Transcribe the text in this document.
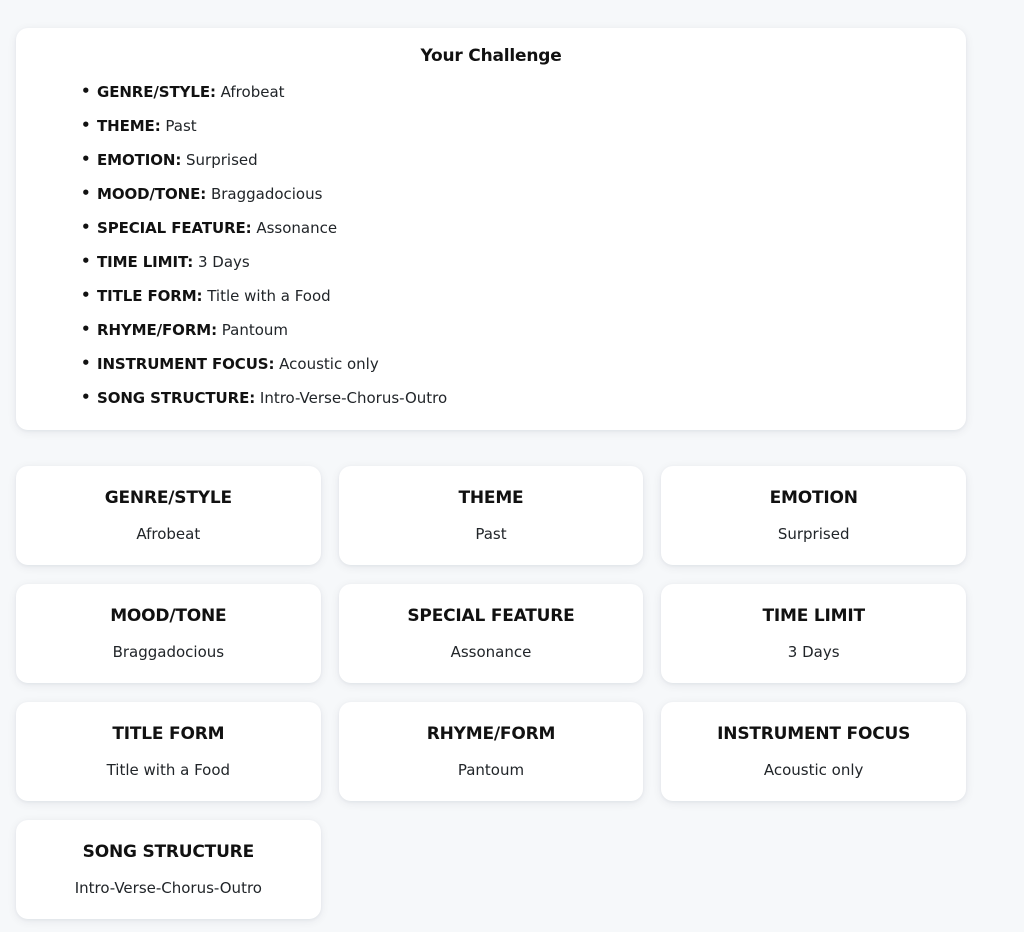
Your Challenge
• GENRE/STYLE: Afrobeat
• THEME: Past
• EMOTION: Surprised
• MOOD/TONE: Braggadocious
• SPECIAL FEATURE: Assonance
• TIME LIMIT: 3 Days
• TITLE FORM: Title with a Food
• RHYME/FORM: Pantoum
• INSTRUMENT FOCUS: Acoustic only
• SONG STRUCTURE: Intro-Verse-Chorus-Outro
GENRE/STYLE
Afrobeat
THEME
Past
EMOTION
Surprised
MOOD/TONE
Braggadocious
SPECIAL FEATURE
Assonance
TIME LIMIT
3 Days
TITLE FORM
Title with a Food
RHYME/FORM
Pantoum
INSTRUMENT FOCUS
Acoustic only
SONG STRUCTURE
Intro-Verse-Chorus-Outro
